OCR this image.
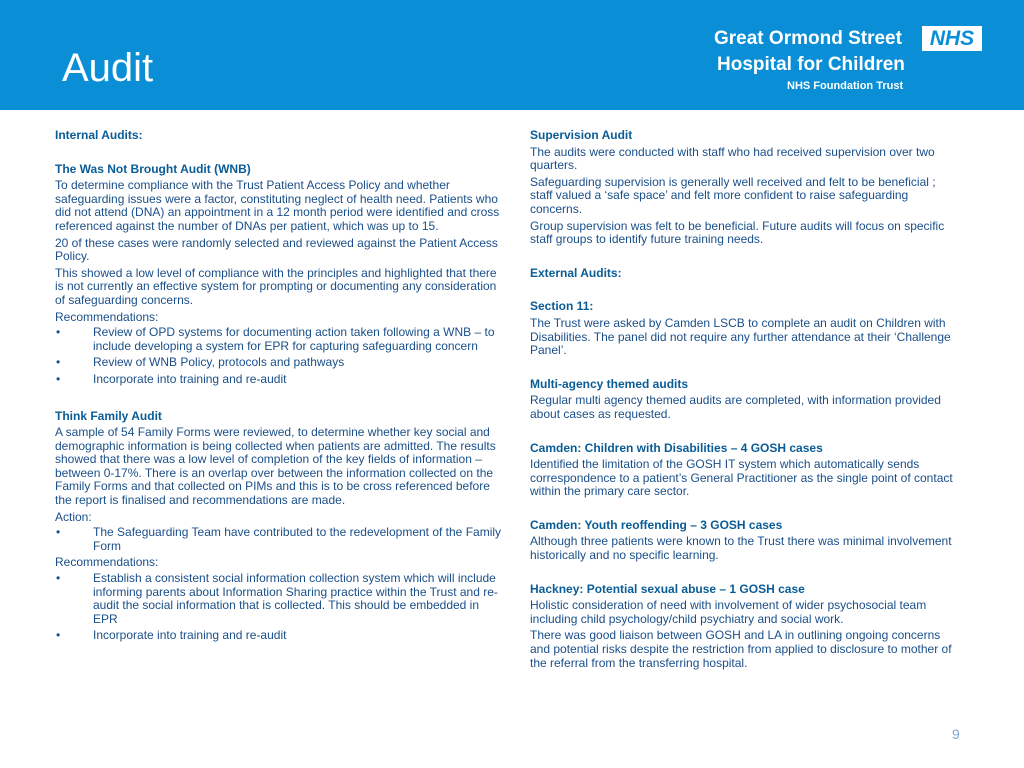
Audit
Great Ormond Street	NHS
Hospital for Children
NHS Foundation Trust

Internal Audits:

The Was Not Brought Audit (WNB)

To determine compliance with the Trust Patient Access Policy and whether safeguarding issues were a factor, constituting neglect of health need. Patients who did not attend (DNA) an appointment in a 12 month period were identified and cross referenced against the number of DNAs per patient, which was up to 15.

20 of these cases were randomly selected and reviewed against the Patient Access Policy.

This showed a low level of compliance with the principles and highlighted that there is not currently an effective system for prompting or documenting any consideration of safeguarding concerns.

Recommendations:

• Review of OPD systems for documenting action taken following a WNB – to include developing a system for EPR for capturing safeguarding concern
• Review of WNB Policy, protocols and pathways
• Incorporate into training and re-audit

Think Family Audit

A sample of 54 Family Forms were reviewed, to determine whether key social and demographic information is being collected when patients are admitted. The results showed that there was a low level of completion of the key fields of information – between 0-17%. There is an overlap over between the information collected on the Family Forms and that collected on PIMs and this is to be cross referenced before the report is finalised and recommendations are made.

Action:

• The Safeguarding Team have contributed to the redevelopment of the Family Form

Recommendations:

• Establish a consistent social information collection system which will include informing parents about Information Sharing practice within the Trust and re-audit the social information that is collected. This should be embedded in EPR
• Incorporate into training and re-audit

Supervision Audit

The audits were conducted with staff who had received supervision over two quarters.

Safeguarding supervision is generally well received and felt to be beneficial ; staff valued a ‘safe space’ and felt more confident to raise safeguarding concerns.

Group supervision was felt to be beneficial. Future audits will focus on specific staff groups to identify future training needs.

External Audits:

Section 11:

The Trust were asked by Camden LSCB to complete an audit on Children with Disabilities. The panel did not require any further attendance at their ‘Challenge Panel’.

Multi-agency themed audits

Regular multi agency themed audits are completed, with information provided about cases as requested.

Camden: Children with Disabilities – 4 GOSH cases

Identified the limitation of the GOSH IT system which automatically sends correspondence to a patient’s General Practitioner as the single point of contact within the primary care sector.

Camden: Youth reoffending – 3 GOSH cases

Although three patients were known to the Trust there was minimal involvement historically and no specific learning.

Hackney: Potential sexual abuse – 1 GOSH case

Holistic consideration of need with involvement of wider psychosocial team including child psychology/child psychiatry and social work.

There was good liaison between GOSH and LA in outlining ongoing concerns and potential risks despite the restriction from applied to disclosure to mother of the referral from the transferring hospital.

9
